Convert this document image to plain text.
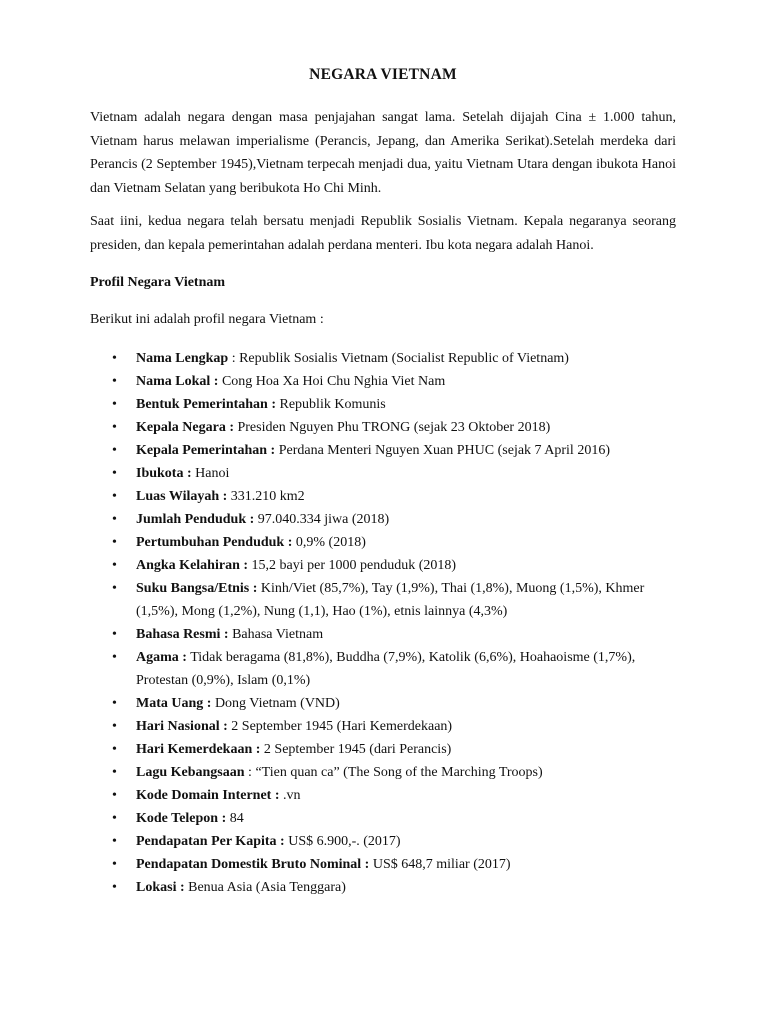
NEGARA VIETNAM

Vietnam adalah negara dengan masa penjajahan sangat lama. Setelah dijajah Cina ± 1.000 tahun, Vietnam harus melawan imperialisme (Perancis, Jepang, dan Amerika Serikat).Setelah merdeka dari Perancis (2 September 1945),Vietnam terpecah menjadi dua, yaitu Vietnam Utara dengan ibukota Hanoi dan Vietnam Selatan yang beribukota Ho Chi Minh.

Saat iini, kedua negara telah bersatu menjadi Republik Sosialis Vietnam. Kepala negaranya seorang presiden, dan kepala pemerintahan adalah perdana menteri. Ibu kota negara adalah Hanoi.

Profil Negara Vietnam
Berikut ini adalah profil negara Vietnam :
• Nama Lengkap : Republik Sosialis Vietnam (Socialist Republic of Vietnam)
• Nama Lokal : Cong Hoa Xa Hoi Chu Nghia Viet Nam
• Bentuk Pemerintahan : Republik Komunis
• Kepala Negara : Presiden Nguyen Phu TRONG (sejak 23 Oktober 2018)
• Kepala Pemerintahan : Perdana Menteri Nguyen Xuan PHUC (sejak 7 April 2016)
• Ibukota : Hanoi
• Luas Wilayah : 331.210 km2
• Jumlah Penduduk : 97.040.334 jiwa (2018)
• Pertumbuhan Penduduk : 0,9% (2018)
• Angka Kelahiran : 15,2 bayi per 1000 penduduk (2018)
• Suku Bangsa/Etnis : Kinh/Viet (85,7%), Tay (1,9%), Thai (1,8%), Muong (1,5%), Khmer (1,5%), Mong (1,2%), Nung (1,1), Hao (1%), etnis lainnya (4,3%)
• Bahasa Resmi : Bahasa Vietnam
• Agama : Tidak beragama (81,8%), Buddha (7,9%), Katolik (6,6%), Hoahaoisme (1,7%), Protestan (0,9%), Islam (0,1%)
• Mata Uang : Dong Vietnam (VND)
• Hari Nasional : 2 September 1945 (Hari Kemerdekaan)
• Hari Kemerdekaan : 2 September 1945 (dari Perancis)
• Lagu Kebangsaan : “Tien quan ca” (The Song of the Marching Troops)
• Kode Domain Internet : .vn
• Kode Telepon : 84
• Pendapatan Per Kapita : US$ 6.900,-. (2017)
• Pendapatan Domestik Bruto Nominal : US$ 648,7 miliar (2017)
• Lokasi : Benua Asia (Asia Tenggara)
